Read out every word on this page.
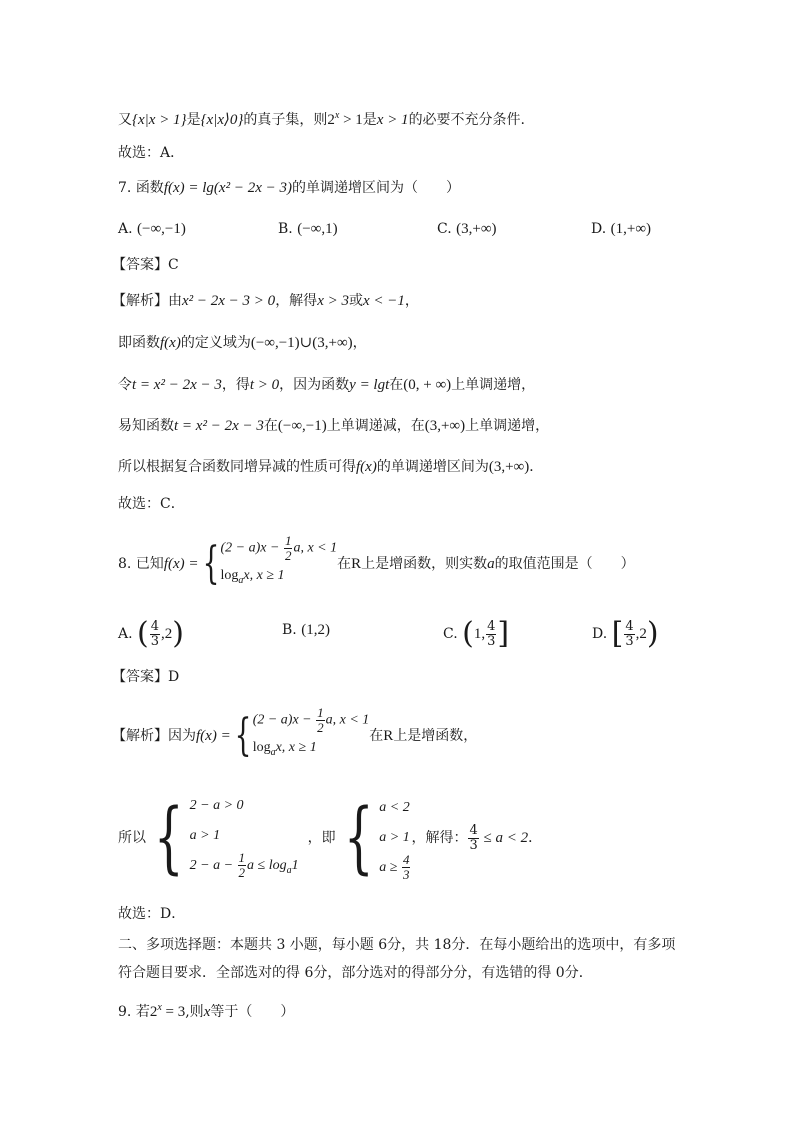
又{x|x > 1}是{x|x⟩0}的真子集，则$2^x > 1$是x > 1的必要不充分条件.
故选：A．
7. 函数f(x) = lg(x² − 2x − 3)的单调递增区间为（　　）
A. (−∞,−1)	B. (−∞,1)	C. (3,+∞)	D. (1,+∞)
【答案】C
【解析】由x² − 2x − 3 > 0，解得x > 3或x < −1，
即函数f(x)的定义域为(−∞,−1)∪(3,+∞)，
令t = x² − 2x − 3，得t > 0，因为函数y = lgt在(0, + ∞)上单调递增，
易知函数t = x² − 2x − 3在(−∞,−1)上单调递减，在(3,+∞)上单调递增，
所以根据复合函数同增异减的性质可得f(x)的单调递增区间为(3,+∞)．
故选：C．
8. 已知f(x) ={ $(2 - a)x - \frac{1}{2} a$, x < 1
$\log_ax$, x ≥ 1
在R上是增函数，则实数a的取值范围是（　　）
A. ( $\frac{4}{3} ,2$)	B. (1,2)	C. (1, $\frac{4}{3}$ ]	D. [ $\frac{4}{3} ,2$)
【答案】D
【解析】因为f(x) ={ $(2 - a)x - \frac{1}{2} a$, x < 1
$\log_ax$, x ≥ 1
在R上是增函数，
所以 { 2 − a > 0
a > 1
$2 - a - \frac{1}{2}$ $a \le \log_a1$
，即 { a < 2
a > 1
$a \ge \frac{4}{3}$
，解得： $\frac{4}{3} \le a < 2$．
故选：D．
二、多项选择题：本题共 3 小题，每小题 6分，共 18分．在每小题给出的选项中，有多项
符合题目要求．全部选对的得 6分，部分选对的得部分分，有选错的得 0分．
9. 若$2^x = 3$,则x等于（　　）
